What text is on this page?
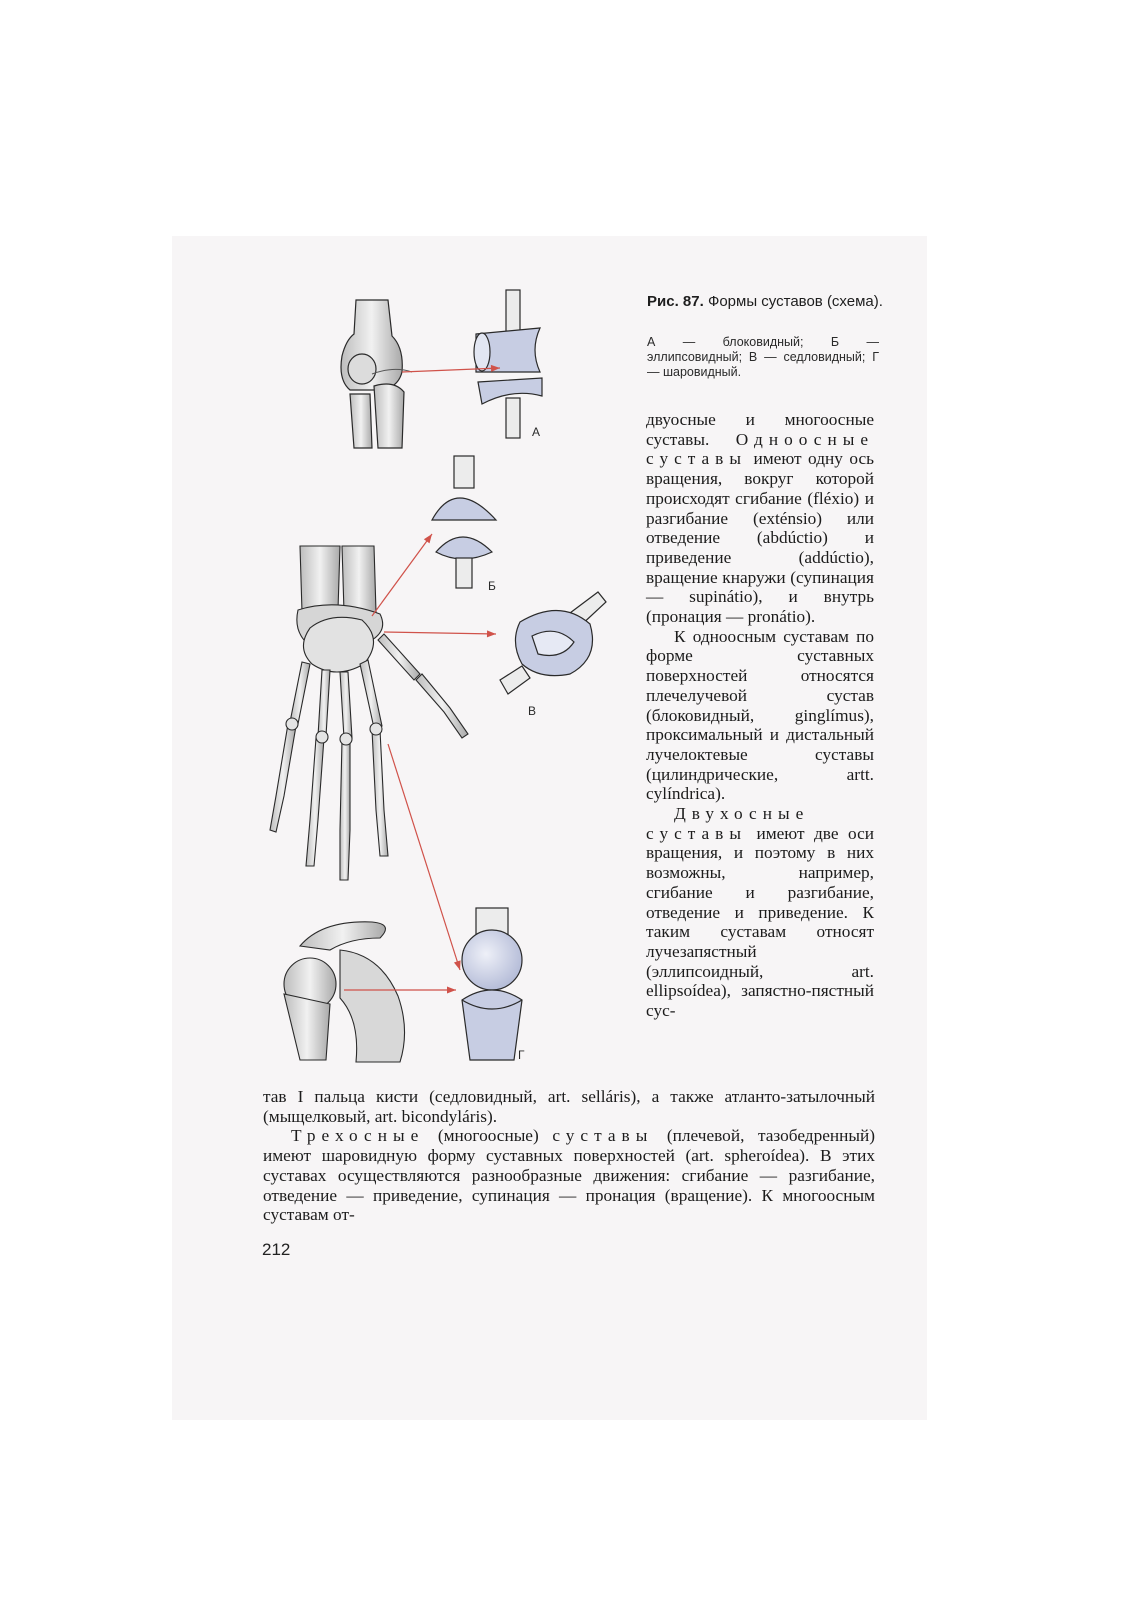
Рис. 87. Формы суставов (схема).
А — блоковидный; Б — эллипсовидный; В — седловидный; Г — шаровидный.
А
Б
В
Г

двуосные и многоосные суставы. Одноосные суставы имеют одну ось вращения, вокруг которой происходят сгибание (fléxio) и разгибание (exténsio) или отведение (abdúctio) и приведение (addúctio), вращение кнаружи (супинация — supinátio), и внутрь (пронация — pronátio).

К одноосным суставам по форме суставных поверхностей относятся плечелучевой сустав (блоковидный, ginglímus), проксимальный и дистальный лучелоктевые суставы (цилиндрические, artt. cylíndrica).

Двухосные суставы имеют две оси вращения, и поэтому в них возможны, например, сгибание и разгибание, отведение и приведение. К таким суставам относят лучезапястный (эллипсоидный, art. ellipsoídea), запястно-пястный сус-

тав I пальца кисти (седловидный, art. selláris), а также атланто-затылочный (мыщелковый, art. bicondyláris).

Трехосные (многоосные) суставы (плечевой, тазобедренный) имеют шаровидную форму суставных поверхностей (art. spheroídea). В этих суставах осуществляются разнообразные движения: сгибание — разгибание, отведение — приведение, супинация — пронация (вращение). К многоосным суставам от-

212
